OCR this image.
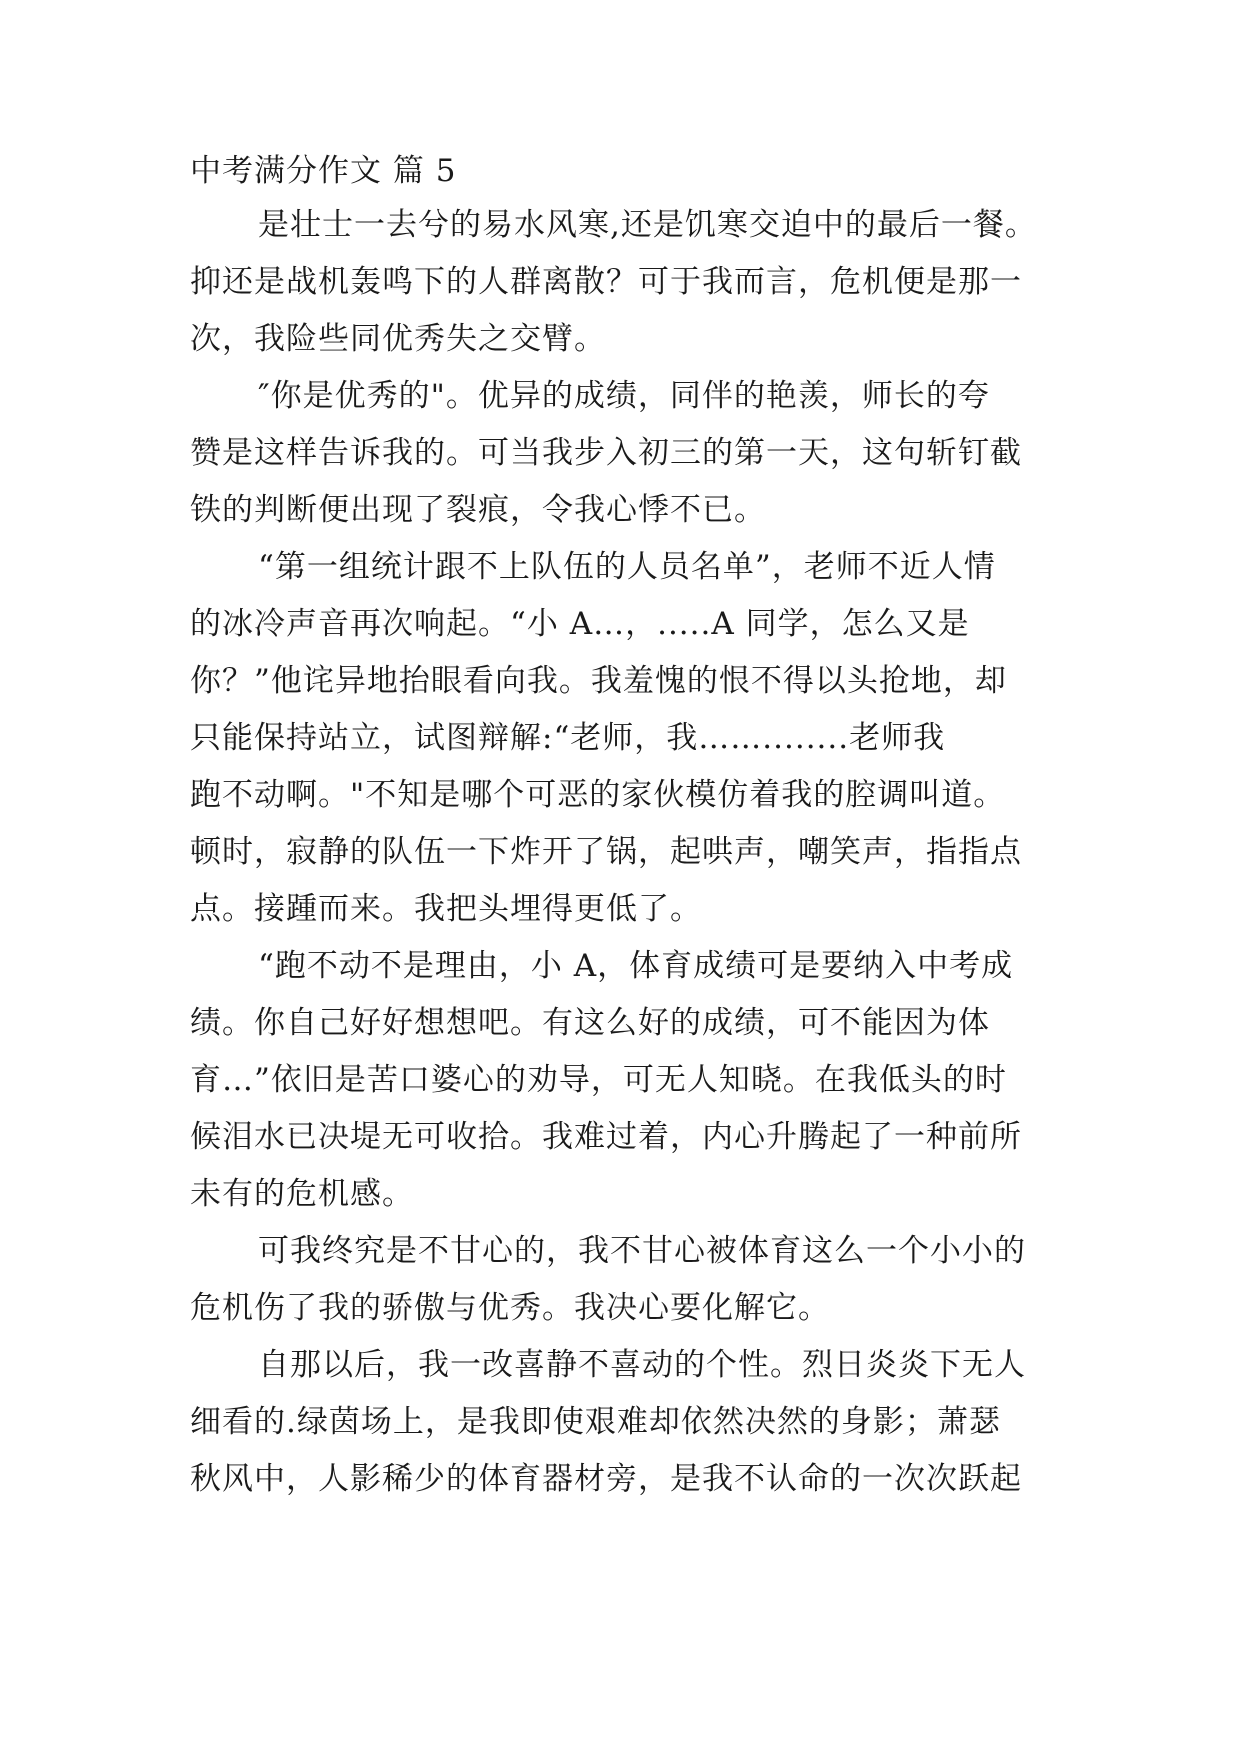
中考满分作文 篇 5
是壮士一去兮的易水风寒,还是饥寒交迫中的最后一餐。
抑还是战机轰鸣下的人群离散？可于我而言，危机便是那一
次，我险些同优秀失之交臂。
″你是优秀的"。优异的成绩，同伴的艳羡，师长的夸
赞是这样告诉我的。可当我步入初三的第一天，这句斩钉截
铁的判断便出现了裂痕，令我心悸不已。
“第一组统计跟不上队伍的人员名单”，老师不近人情
的冰冷声音再次响起。“小 A…，.....A 同学，怎么又是
你？”他诧异地抬眼看向我。我羞愧的恨不得以头抢地，却
只能保持站立，试图辩解:“老师，我……........老师我
跑不动啊。"不知是哪个可恶的家伙模仿着我的腔调叫道。
顿时，寂静的队伍一下炸开了锅，起哄声，嘲笑声，指指点
点。接踵而来。我把头埋得更低了。
“跑不动不是理由，小 A，体育成绩可是要纳入中考成
绩。你自己好好想想吧。有这么好的成绩，可不能因为体
育…”依旧是苦口婆心的劝导，可无人知晓。在我低头的时
候泪水已决堤无可收拾。我难过着，内心升腾起了一种前所
未有的危机感。
可我终究是不甘心的，我不甘心被体育这么一个小小的
危机伤了我的骄傲与优秀。我决心要化解它。
自那以后，我一改喜静不喜动的个性。烈日炎炎下无人
细看的.绿茵场上，是我即使艰难却依然决然的身影；萧瑟
秋风中，人影稀少的体育器材旁，是我不认命的一次次跃起
